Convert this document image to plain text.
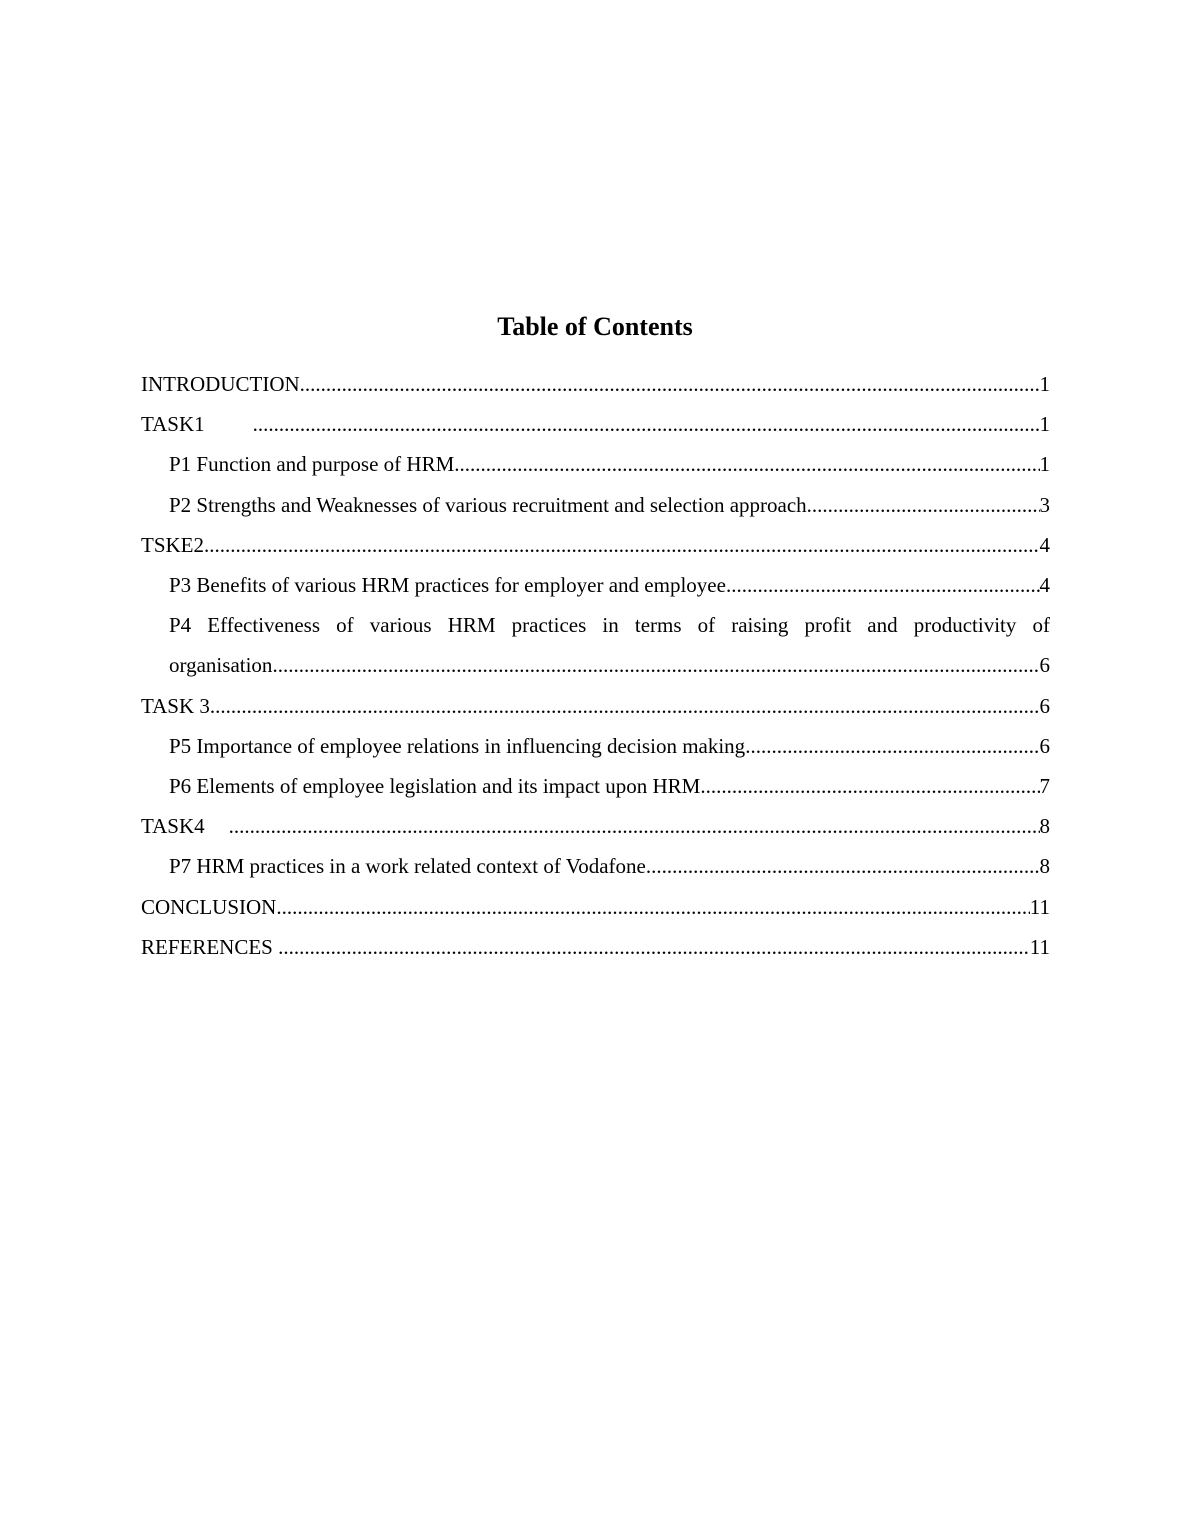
Table of Contents
INTRODUCTION .....	1
TASK1 .....	1
P1 Function and purpose of HRM .....	1
P2 Strengths and Weaknesses of various recruitment and selection approach .....	3
TSKE2 .....	4
P3 Benefits of various HRM practices for employer and employee .....	4
P4 Effectiveness of various HRM practices in terms of raising profit and productivity of
organisation .....	6
TASK 3 .....	6
P5 Importance of employee relations in influencing decision making .....	6
P6 Elements of employee legislation and its impact upon HRM .....	7
TASK4 .....	8
P7 HRM practices in a work related context of Vodafone .....	8
CONCLUSION .....	11
REFERENCES .....	11
